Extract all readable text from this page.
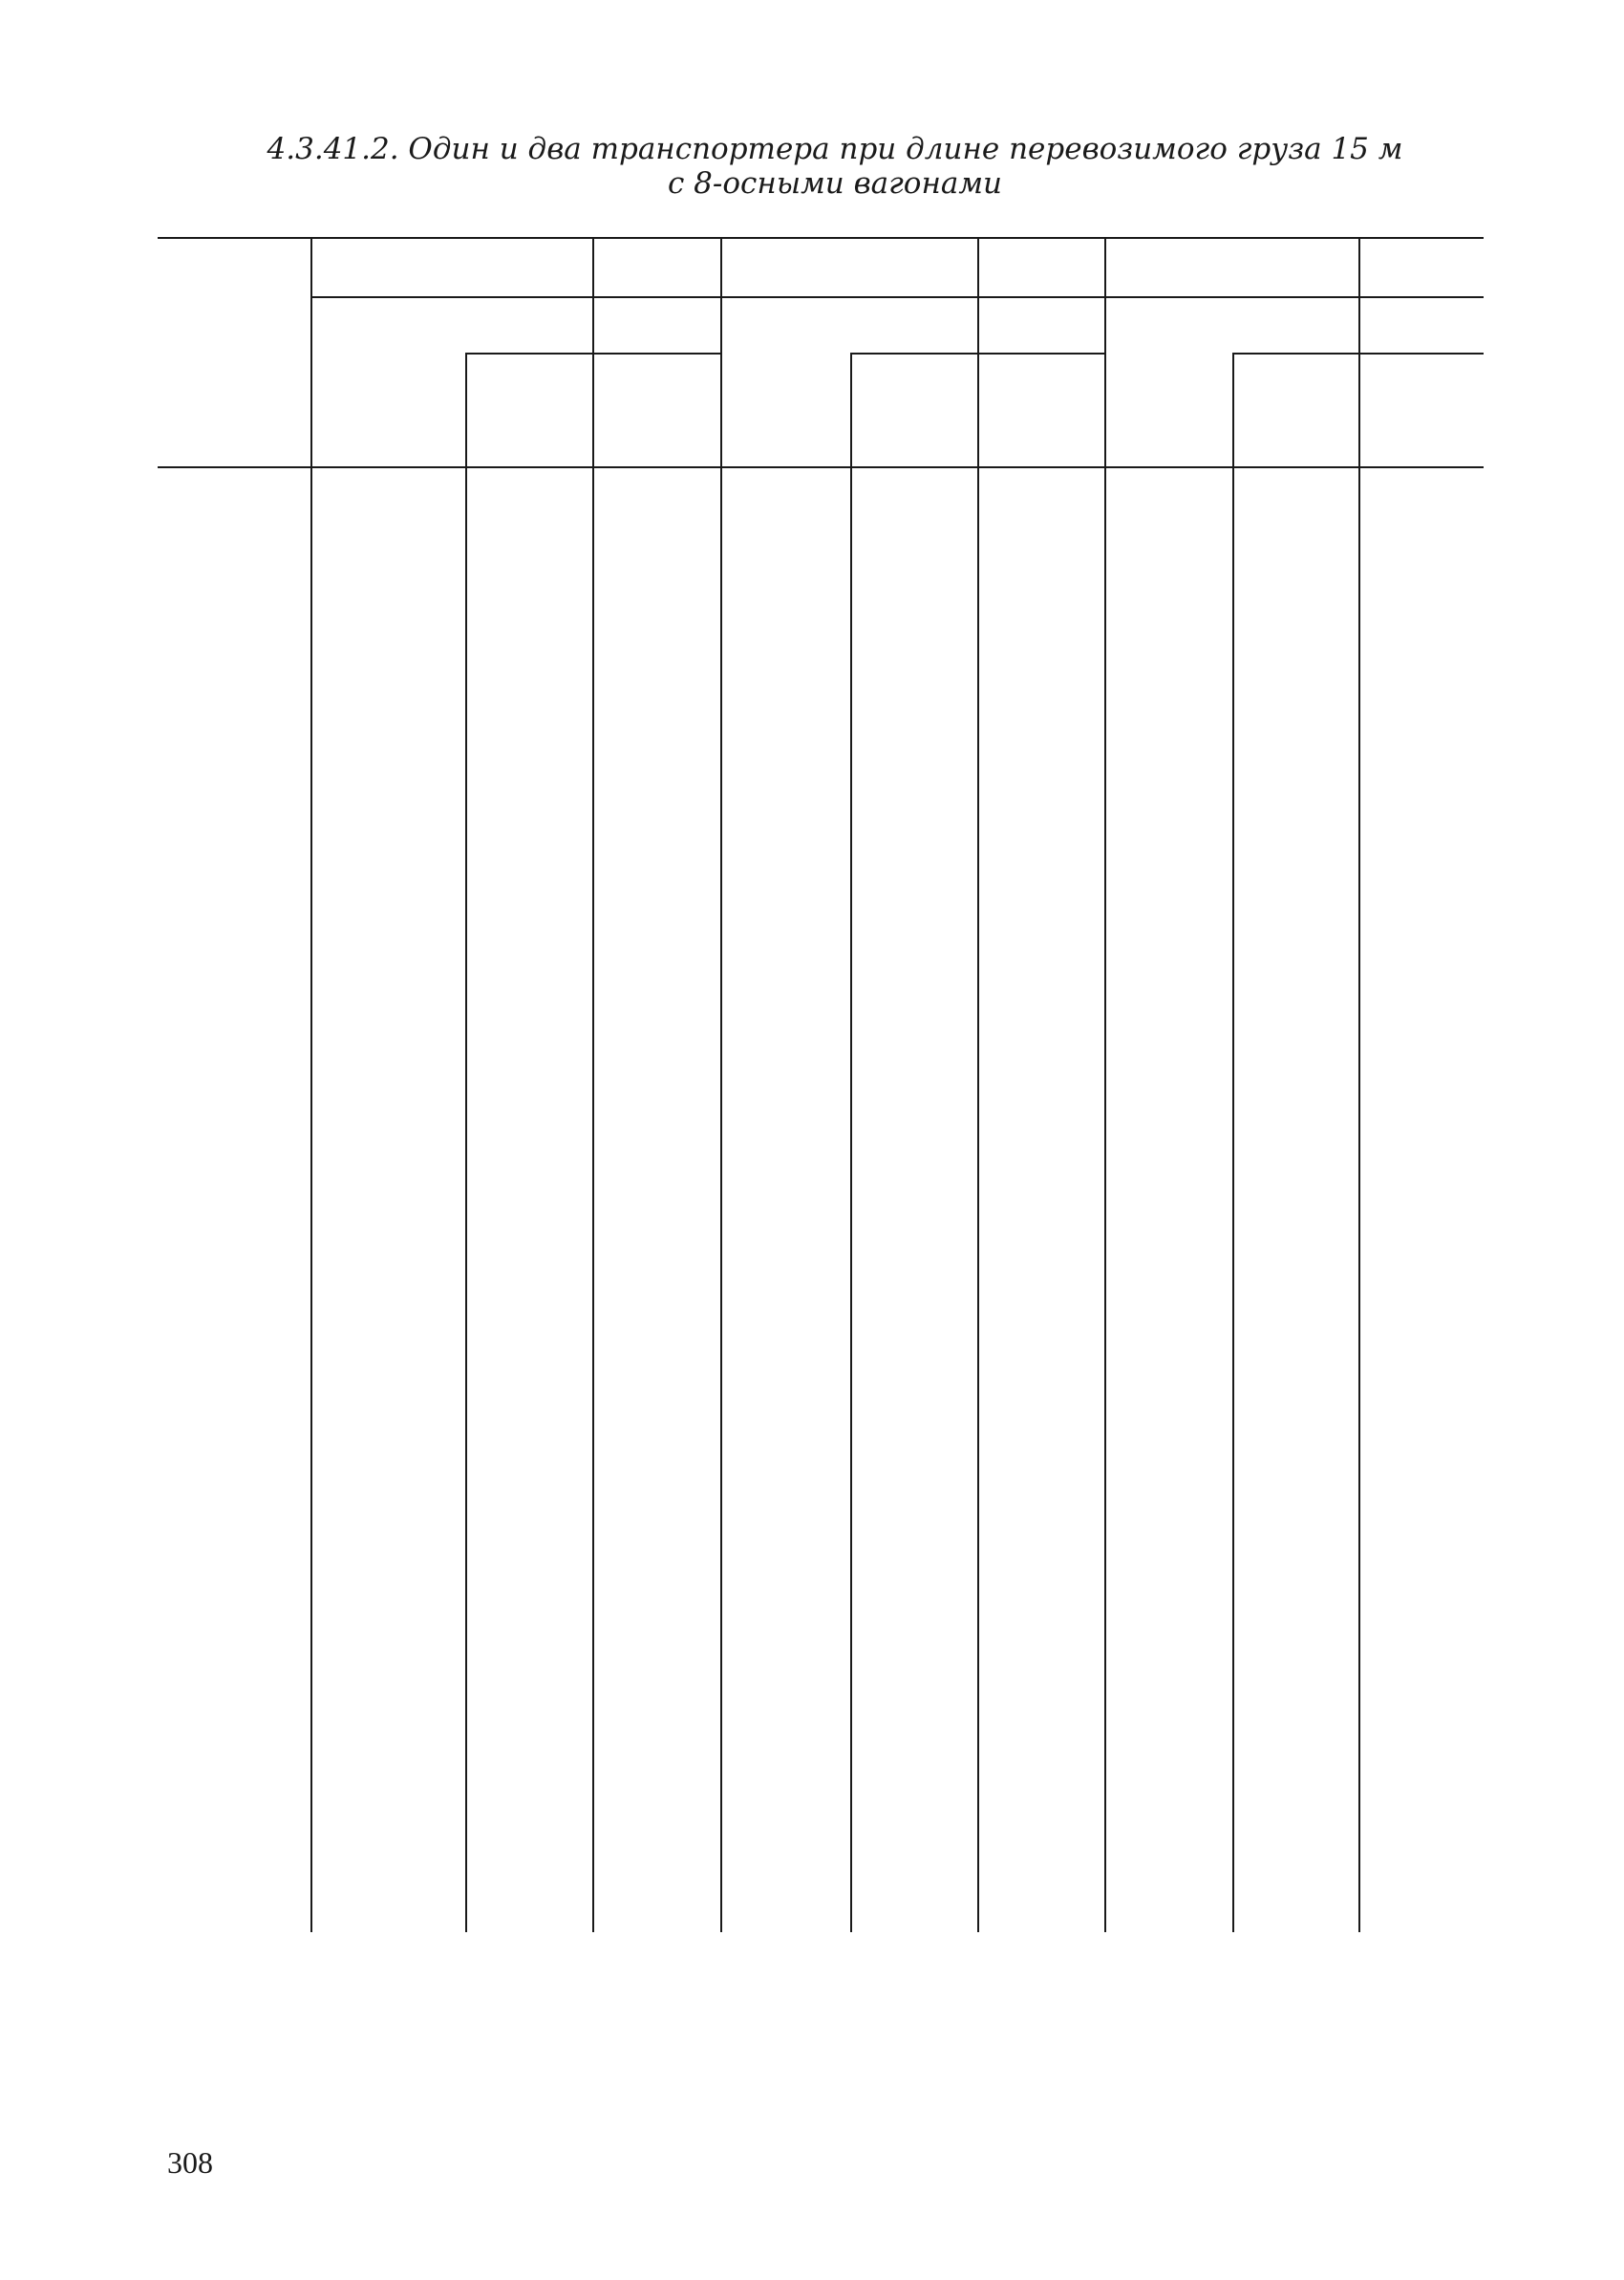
4.3.41.2. Один и два транспортера при длине перевозимого груза 15 м
с 8-осными вагонами
308
